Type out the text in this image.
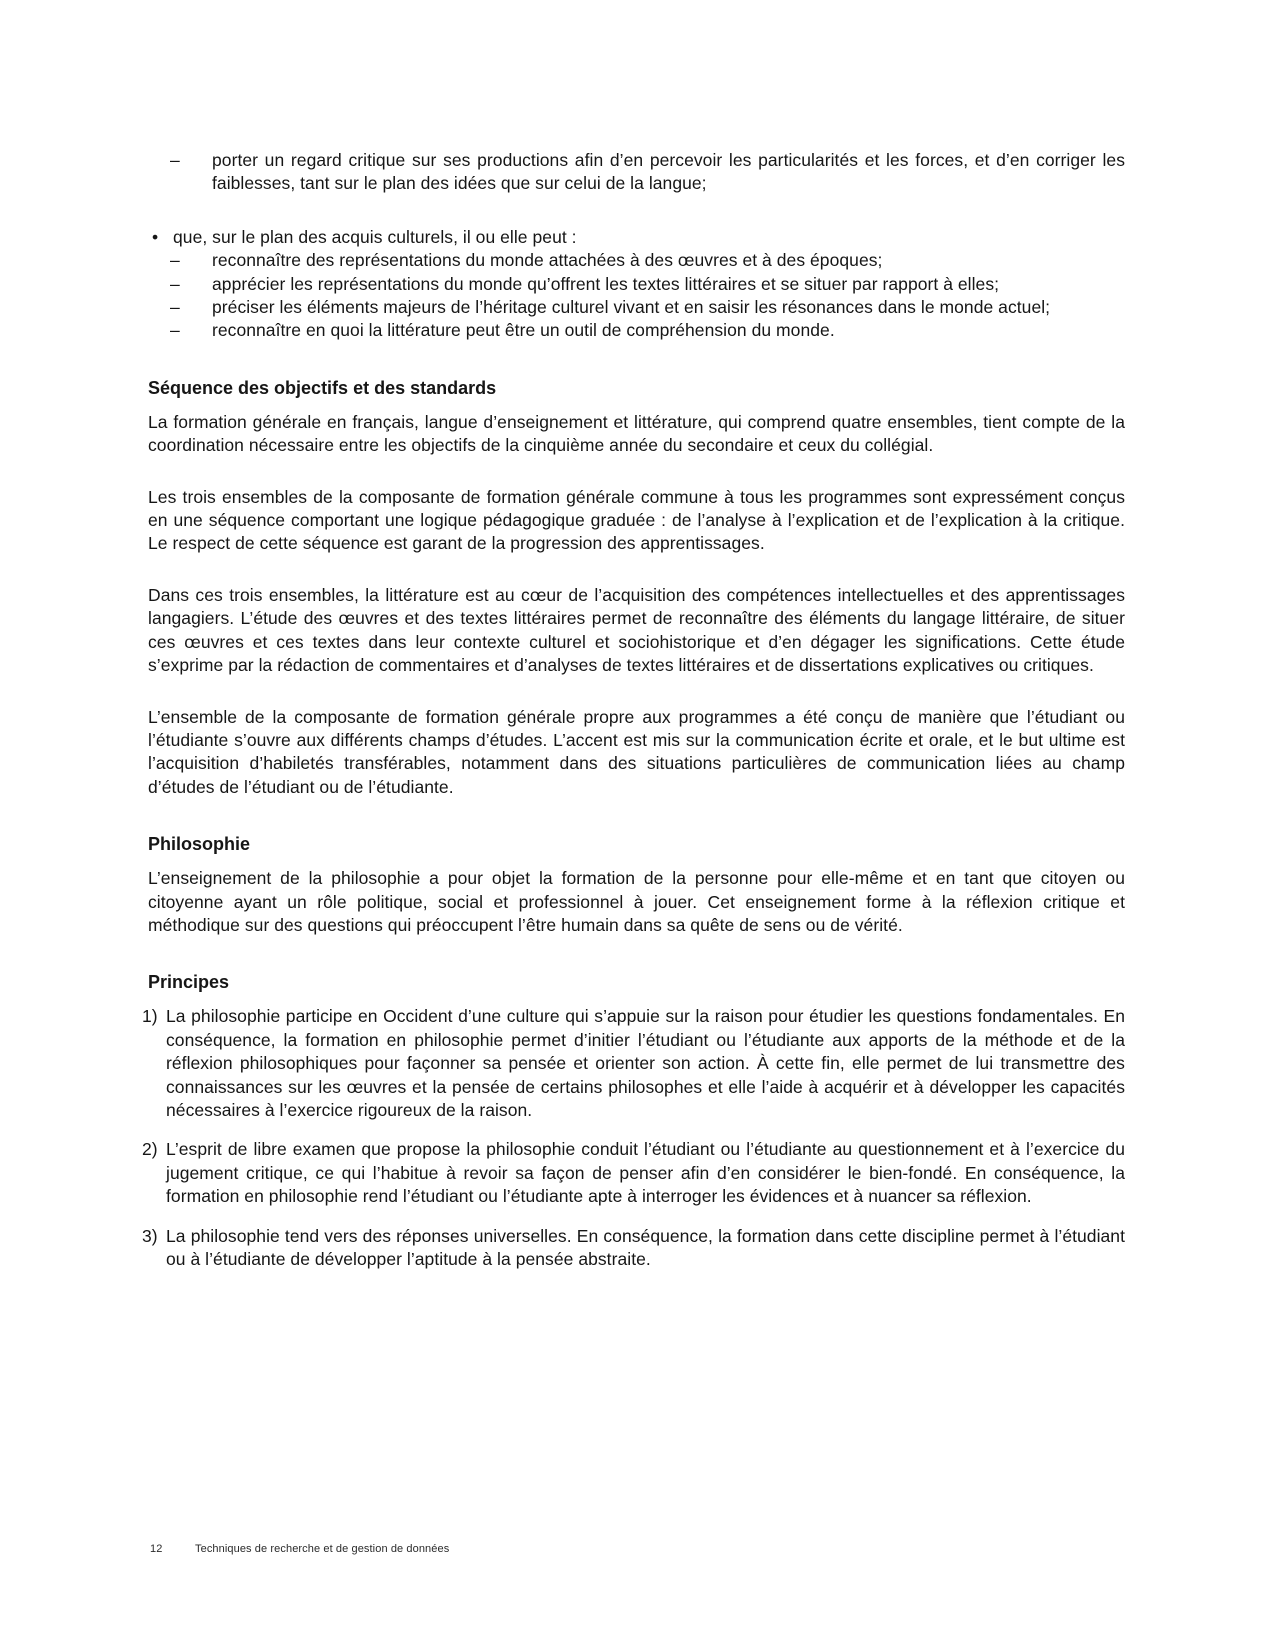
–	porter un regard critique sur ses productions afin d’en percevoir les particularités et les forces, et d’en corriger les faiblesses, tant sur le plan des idées que sur celui de la langue;
• que, sur le plan des acquis culturels, il ou elle peut :
–	reconnaître des représentations du monde attachées à des œuvres et à des époques;
–	apprécier les représentations du monde qu’offrent les textes littéraires et se situer par rapport à elles;
–	préciser les éléments majeurs de l’héritage culturel vivant et en saisir les résonances dans le monde actuel;
–	reconnaître en quoi la littérature peut être un outil de compréhension du monde.
Séquence des objectifs et des standards

La formation générale en français, langue d’enseignement et littérature, qui comprend quatre ensembles, tient compte de la coordination nécessaire entre les objectifs de la cinquième année du secondaire et ceux du collégial.

Les trois ensembles de la composante de formation générale commune à tous les programmes sont expressément conçus en une séquence comportant une logique pédagogique graduée : de l’analyse à l’explication et de l’explication à la critique. Le respect de cette séquence est garant de la progression des apprentissages.

Dans ces trois ensembles, la littérature est au cœur de l’acquisition des compétences intellectuelles et des apprentissages langagiers. L’étude des œuvres et des textes littéraires permet de reconnaître des éléments du langage littéraire, de situer ces œuvres et ces textes dans leur contexte culturel et sociohistorique et d’en dégager les significations. Cette étude s’exprime par la rédaction de commentaires et d’analyses de textes littéraires et de dissertations explicatives ou critiques.

L’ensemble de la composante de formation générale propre aux programmes a été conçu de manière que l’étudiant ou l’étudiante s’ouvre aux différents champs d’études. L’accent est mis sur la communication écrite et orale, et le but ultime est l’acquisition d’habiletés transférables, notamment dans des situations particulières de communication liées au champ d’études de l’étudiant ou de l’étudiante.

Philosophie

L’enseignement de la philosophie a pour objet la formation de la personne pour elle-même et en tant que citoyen ou citoyenne ayant un rôle politique, social et professionnel à jouer. Cet enseignement forme à la réflexion critique et méthodique sur des questions qui préoccupent l’être humain dans sa quête de sens ou de vérité.

Principes
1) La philosophie participe en Occident d’une culture qui s’appuie sur la raison pour étudier les questions fondamentales. En conséquence, la formation en philosophie permet d’initier l’étudiant ou l’étudiante aux apports de la méthode et de la réflexion philosophiques pour façonner sa pensée et orienter son action. À cette fin, elle permet de lui transmettre des connaissances sur les œuvres et la pensée de certains philosophes et elle l’aide à acquérir et à développer les capacités nécessaires à l’exercice rigoureux de la raison.
2) L’esprit de libre examen que propose la philosophie conduit l’étudiant ou l’étudiante au questionnement et à l’exercice du jugement critique, ce qui l’habitue à revoir sa façon de penser afin d’en considérer le bien-fondé. En conséquence, la formation en philosophie rend l’étudiant ou l’étudiante apte à interroger les évidences et à nuancer sa réflexion.
3) La philosophie tend vers des réponses universelles. En conséquence, la formation dans cette discipline permet à l’étudiant ou à l’étudiante de développer l’aptitude à la pensée abstraite.
12	Techniques de recherche et de gestion de données
